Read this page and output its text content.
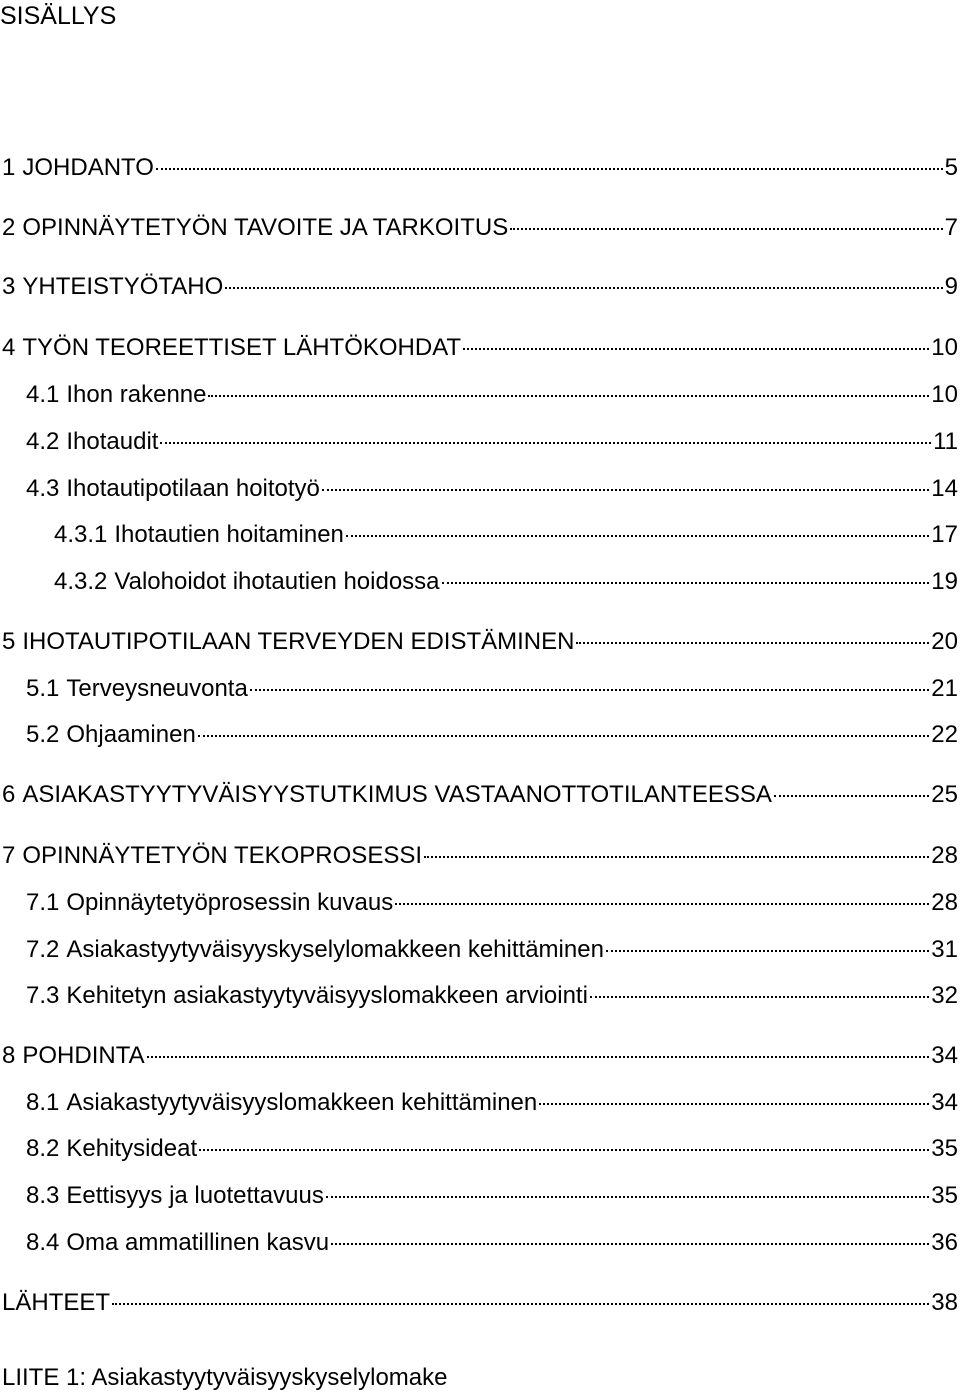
SISÄLLYS
1 JOHDANTO	5
2 OPINNÄYTETYÖN TAVOITE JA TARKOITUS	7
3 YHTEISTYÖTAHO	9
4 TYÖN TEOREETTISET LÄHTÖKOHDAT	10
4.1 Ihon rakenne	10
4.2 Ihotaudit	11
4.3 Ihotautipotilaan hoitotyö	14
4.3.1 Ihotautien hoitaminen	17
4.3.2 Valohoidot ihotautien hoidossa	19
5 IHOTAUTIPOTILAAN TERVEYDEN EDISTÄMINEN	20
5.1 Terveysneuvonta	21
5.2 Ohjaaminen	22
6 ASIAKASTYYTYVÄISYYSTUTKIMUS VASTAANOTTOTILANTEESSA	25
7 OPINNÄYTETYÖN TEKOPROSESSI	28
7.1 Opinnäytetyöprosessin kuvaus	28
7.2 Asiakastyytyväisyyskyselylomakkeen kehittäminen	31
7.3 Kehitetyn asiakastyytyväisyyslomakkeen arviointi	32
8 POHDINTA	34
8.1 Asiakastyytyväisyyslomakkeen kehittäminen	34
8.2 Kehitysideat	35
8.3 Eettisyys ja luotettavuus	35
8.4 Oma ammatillinen kasvu	36
LÄHTEET	38
LIITE 1: Asiakastyytyväisyyskyselylomake
